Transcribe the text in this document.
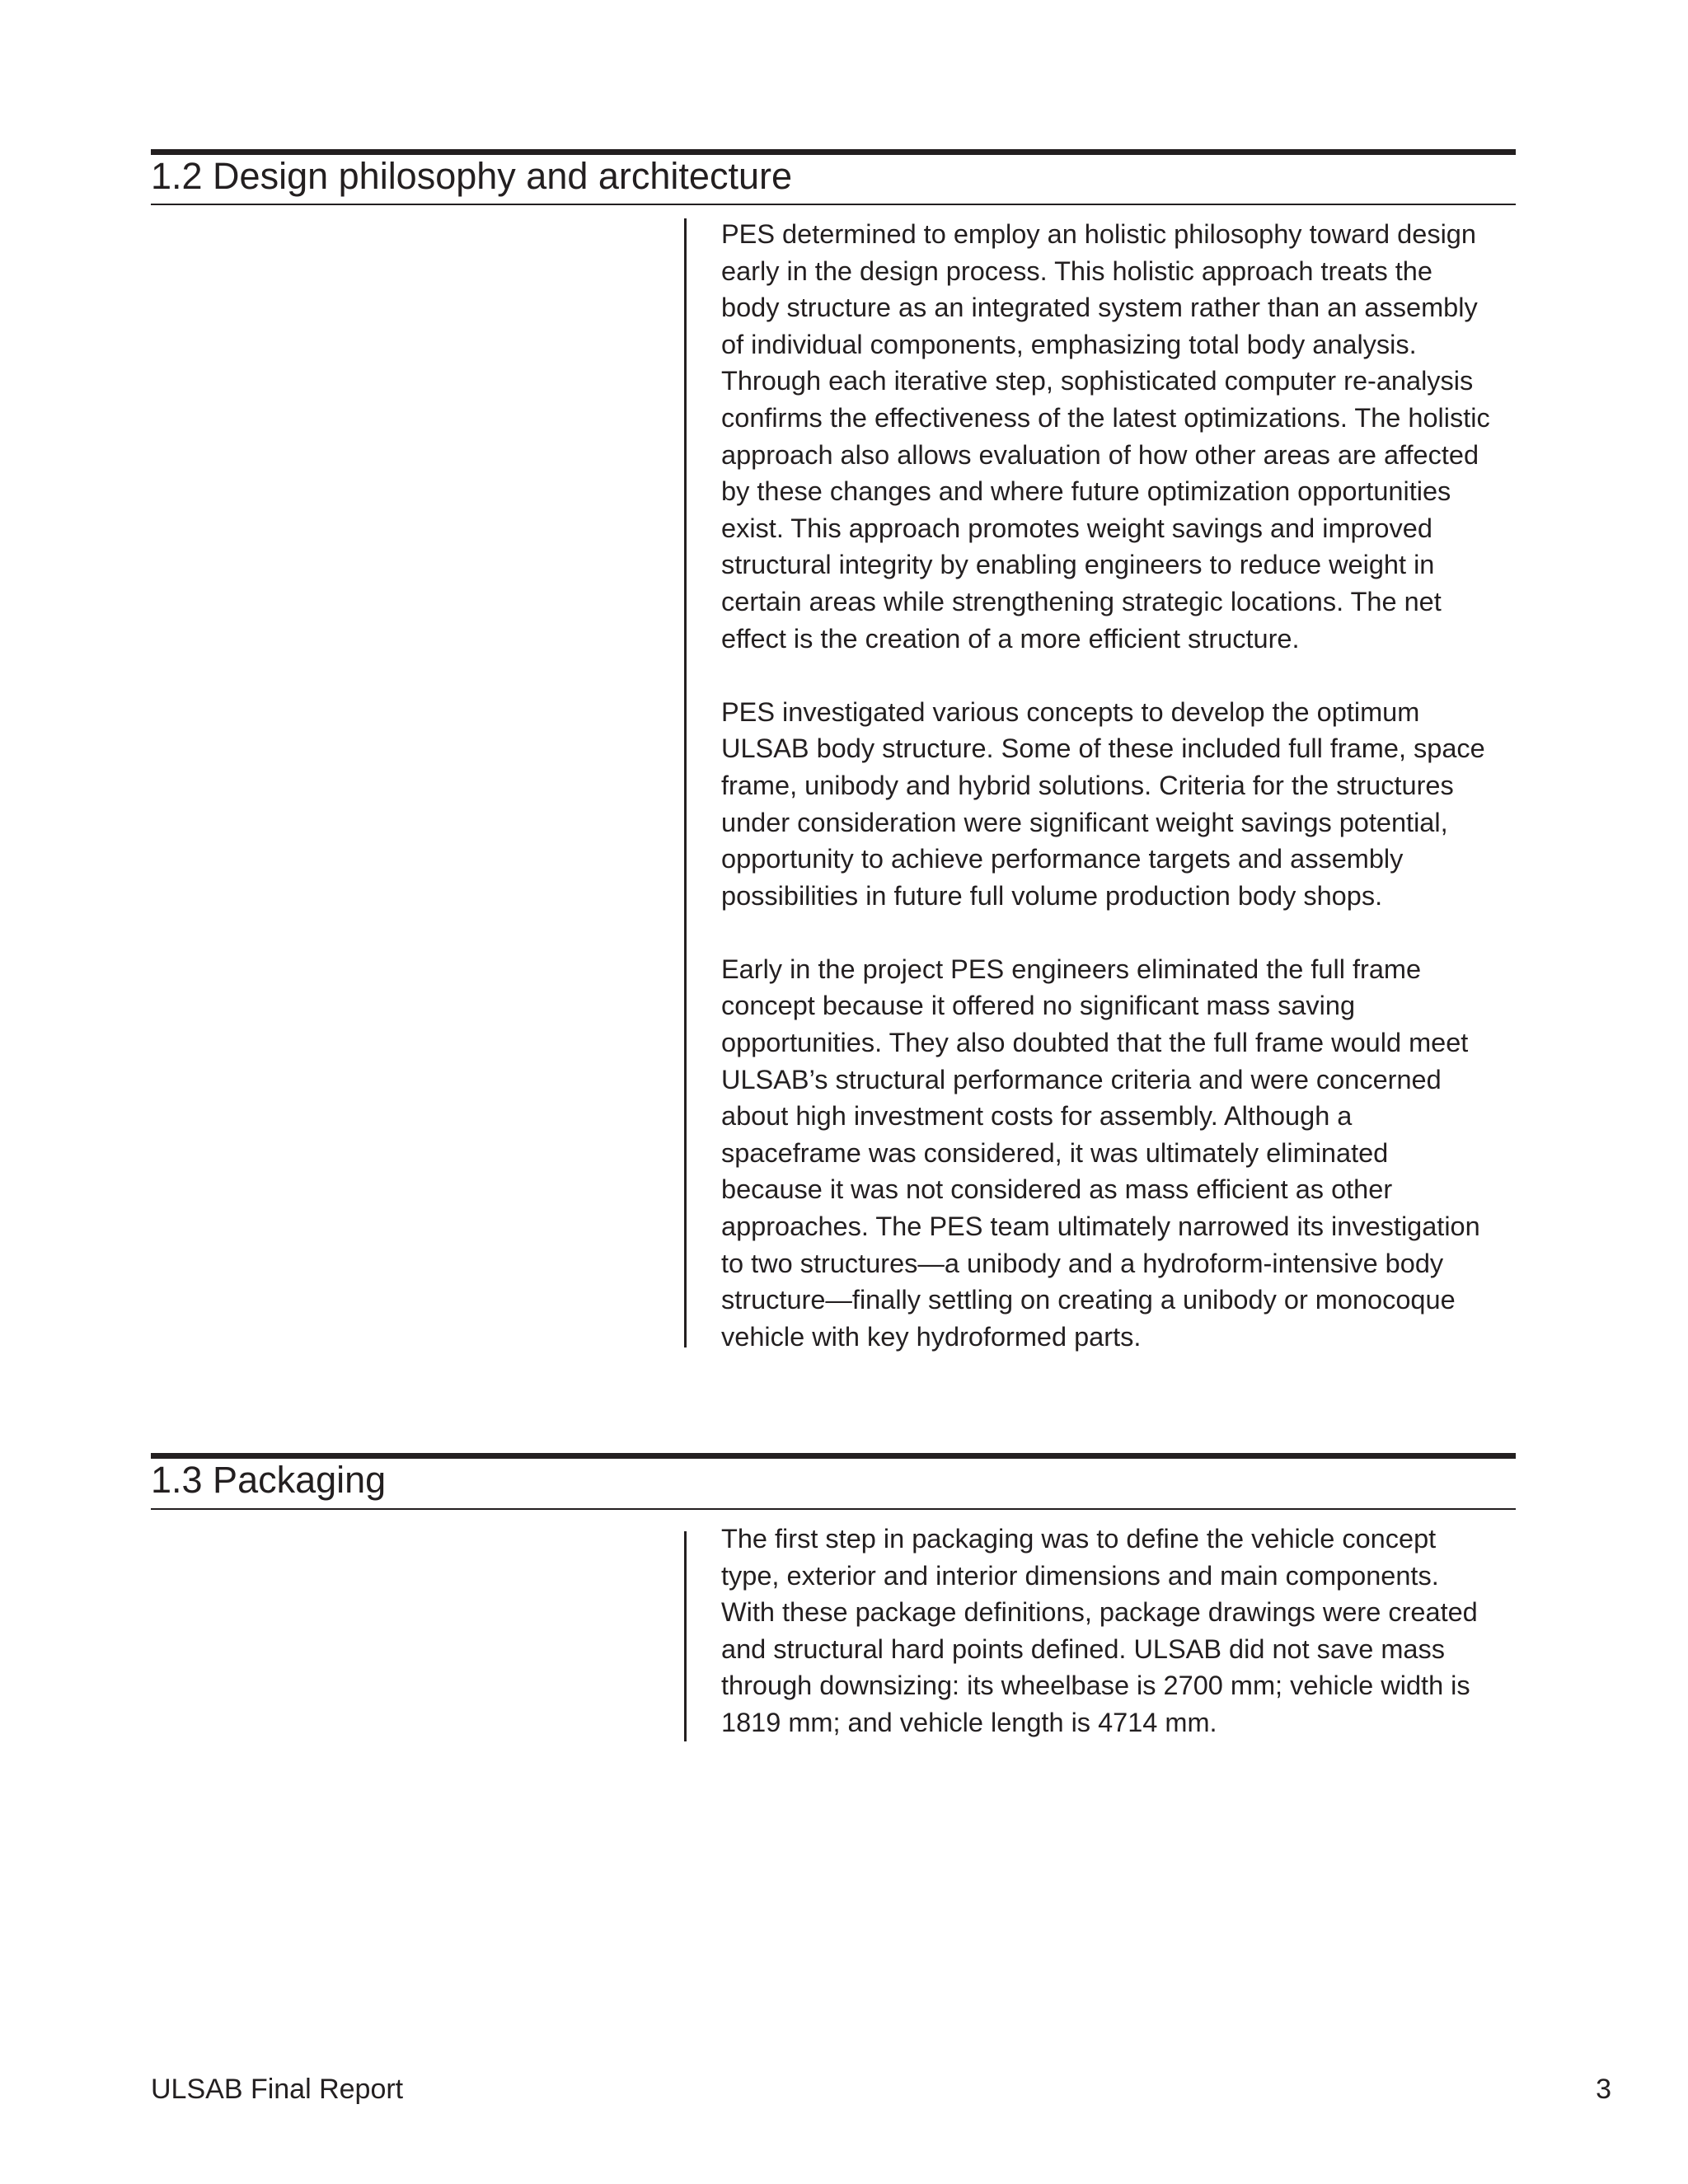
1.2 Design philosophy and architecture

PES determined to employ an holistic philosophy toward design
early in the design process. This holistic approach treats the
body structure as an integrated system rather than an assembly
of individual components, emphasizing total body analysis.
Through each iterative step, sophisticated computer re-analysis
confirms the effectiveness of the latest optimizations. The holistic
approach also allows evaluation of how other areas are affected
by these changes and where future optimization opportunities
exist. This approach promotes weight savings and improved
structural integrity by enabling engineers to reduce weight in
certain areas while strengthening strategic locations. The net
effect is the creation of a more efficient structure.

PES investigated various concepts to develop the optimum
ULSAB body structure. Some of these included full frame, space
frame, unibody and hybrid solutions. Criteria for the structures
under consideration were significant weight savings potential,
opportunity to achieve performance targets and assembly
possibilities in future full volume production body shops.

Early in the project PES engineers eliminated the full frame
concept because it offered no significant mass saving
opportunities. They also doubted that the full frame would meet
ULSAB’s structural performance criteria and were concerned
about high investment costs for assembly. Although a
spaceframe was considered, it was ultimately eliminated
because it was not considered as mass efficient as other
approaches. The PES team ultimately narrowed its investigation
to two structures—a unibody and a hydroform-intensive body
structure—finally settling on creating a unibody or monocoque
vehicle with key hydroformed parts.

1.3 Packaging

The first step in packaging was to define the vehicle concept
type, exterior and interior dimensions and main components.
With these package definitions, package drawings were created
and structural hard points defined. ULSAB did not save mass
through downsizing: its wheelbase is 2700 mm; vehicle width is
1819 mm; and vehicle length is 4714 mm.

ULSAB Final Report	3
